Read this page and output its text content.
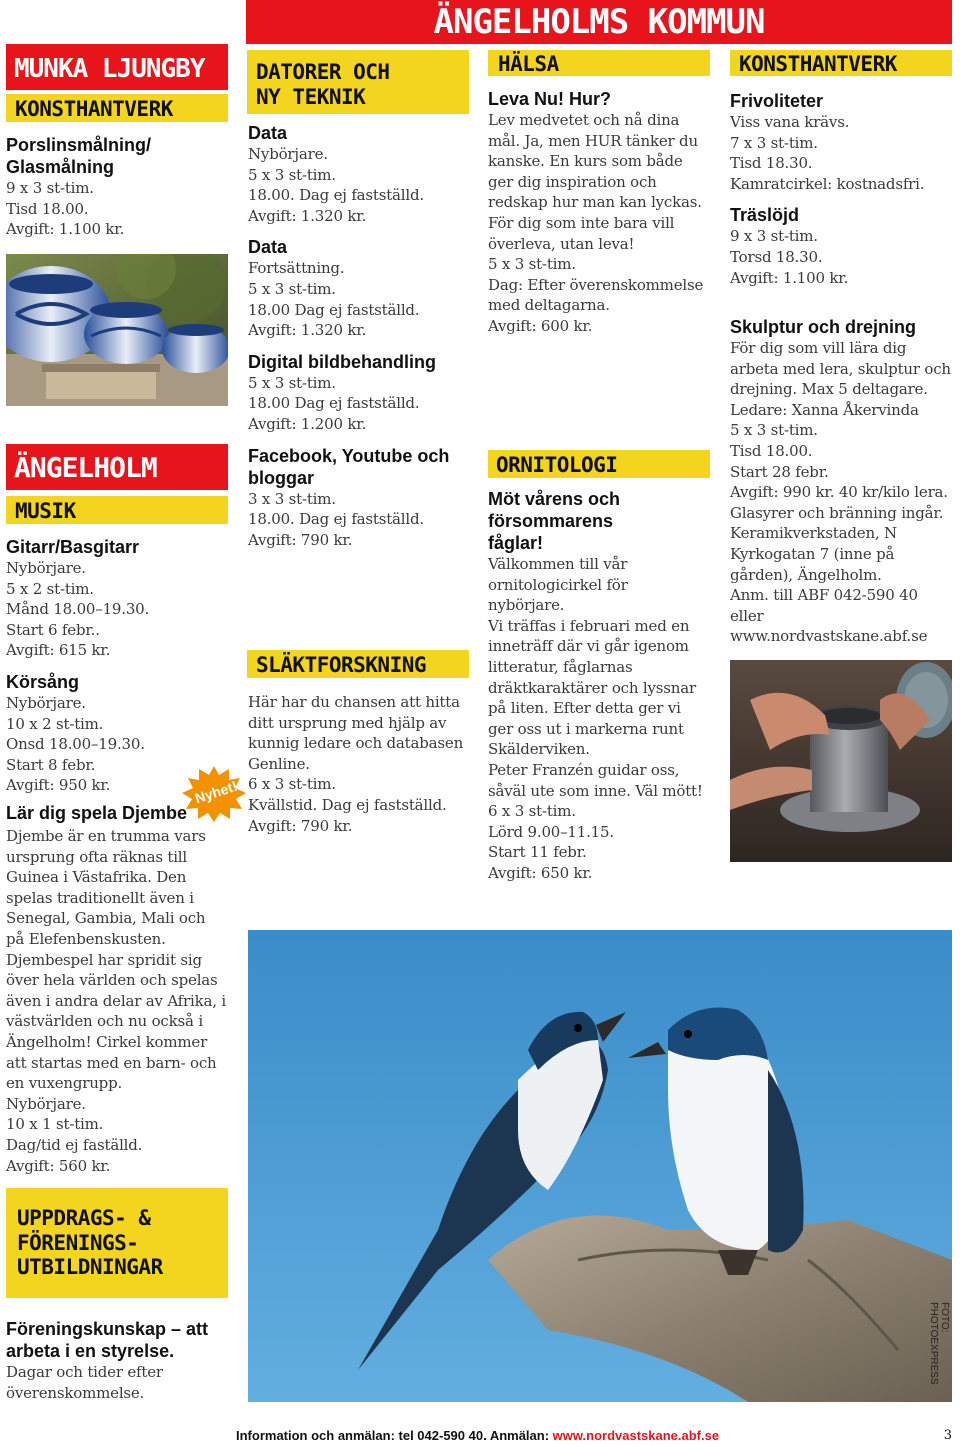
ÄNGELHOLMS KOMMUN
MUNKA LJUNGBY
KONSTHANTVERK
Porslinsmålning/ Glasmålning
9 x 3 st-tim.
Tisd 18.00.
Avgift: 1.100 kr.
ÄNGELHOLM
MUSIK
Gitarr/Basgitarr
Nybörjare.
5 x 2 st-tim.
Månd 18.00–19.30.
Start 6 febr..
Avgift: 615 kr.
Körsång
Nybörjare.
10 x 2 st-tim.
Onsd 18.00–19.30.
Start 8 febr.
Avgift: 950 kr.	Nyhet!
Lär dig spela Djembe
Djembe är en trumma vars ursprung ofta räknas till Guinea i Västafrika. Den spelas traditionellt även i Senegal, Gambia, Mali och på Elefenbenskusten. Djembespel har spridit sig över hela världen och spelas även i andra delar av Afrika, i västvärlden och nu också i Ängelholm! Cirkel kommer att startas med en barn- och en vuxengrupp.
Nybörjare.
10 x 1 st-tim.
Dag/tid ej faställd.
Avgift: 560 kr.
UPPDRAGS- & FÖRENINGS- UTBILDNINGAR
Föreningskunskap – att arbeta i en styrelse.
Dagar och tider efter överenskommelse.
DATORER OCH NY TEKNIK
Data
Nybörjare.
5 x 3 st-tim.
18.00. Dag ej fastställd.
Avgift: 1.320 kr.
Data
Fortsättning.
5 x 3 st-tim.
18.00 Dag ej fastställd.
Avgift: 1.320 kr.
Digital bildbehandling
5 x 3 st-tim.
18.00 Dag ej fastställd.
Avgift: 1.200 kr.
Facebook, Youtube och bloggar
3 x 3 st-tim.
18.00. Dag ej fastställd.
Avgift: 790 kr.
SLÄKTFORSKNING
Här har du chansen att hitta ditt ursprung med hjälp av kunnig ledare och databasen Genline.
6 x 3 st-tim.
Kvällstid. Dag ej fastställd.
Avgift: 790 kr.
HÄLSA
Leva Nu! Hur?
Lev medvetet och nå dina mål. Ja, men HUR tänker du kanske. En kurs som både ger dig inspiration och redskap hur man kan lyckas. För dig som inte bara vill överleva, utan leva!
5 x 3 st-tim.
Dag: Efter överenskommelse med deltagarna.
Avgift: 600 kr.
ORNITOLOGI
Möt vårens och försommarens fåglar!
Välkommen till vår ornitologicirkel för nybörjare.
Vi träffas i februari med en inneträff där vi går igenom litteratur, fåglarnas dräktkaraktärer och lyssnar på liten. Efter detta ger vi ger oss ut i markerna runt Skälderviken.
Peter Franzén guidar oss, såväl ute som inne. Väl mött!
6 x 3 st-tim.
Lörd 9.00–11.15.
Start 11 febr.
Avgift: 650 kr.
KONSTHANTVERK
Frivoliteter
Viss vana krävs.
7 x 3 st-tim.
Tisd 18.30.
Kamratcirkel: kostnadsfri.
Träslöjd
9 x 3 st-tim.
Torsd 18.30.
Avgift: 1.100 kr.
Skulptur och drejning
För dig som vill lära dig arbeta med lera, skulptur och drejning. Max 5 deltagare.
Ledare: Xanna Åkervinda
5 x 3 st-tim.
Tisd 18.00.
Start 28 febr.
Avgift: 990 kr. 40 kr/kilo lera.
Glasyrer och bränning ingår.
Keramikverkstaden, N Kyrkogatan 7 (inne på gården), Ängelholm.
Anm. till ABF 042-590 40 eller www.nordvastskane.abf.se
FOTO: PHOTOEXPRESS
Information och anmälan: tel 042-590 40. Anmälan: www.nordvastskane.abf.se	3
